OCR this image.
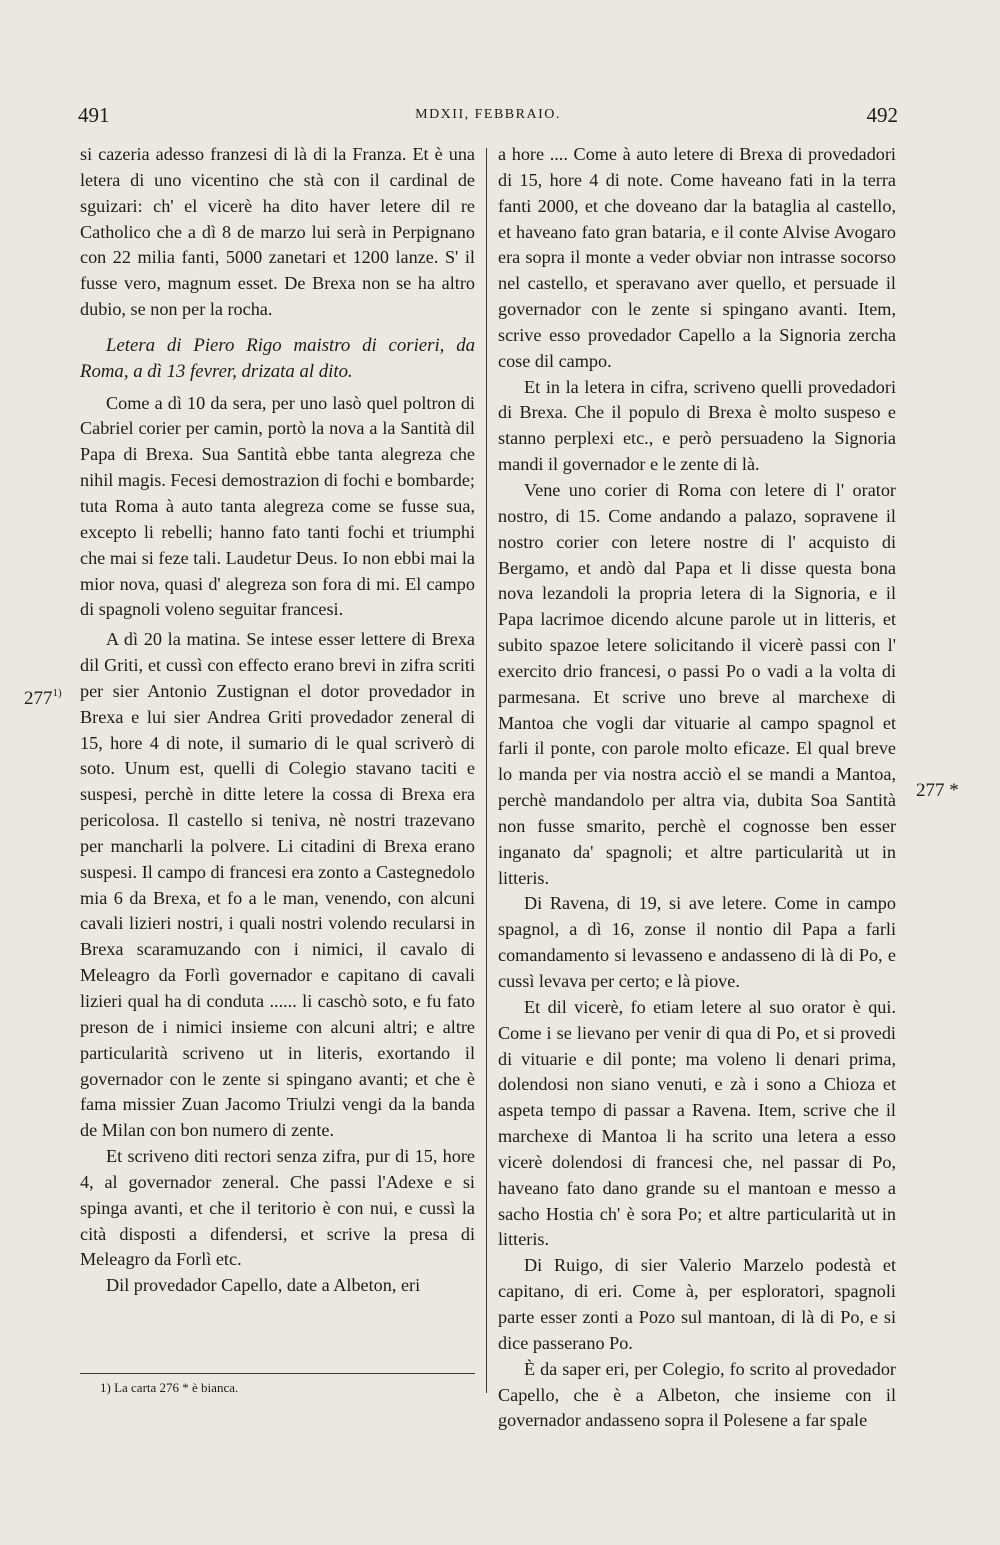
491	MDXII, FEBBRAIO.	492

si cazeria adesso franzesi di là di la Franza. Et è una letera di uno vicentino che stà con il cardinal de sguizari: ch' el vicerè ha dito haver letere dil re Catholico che a dì 8 de marzo lui serà in Perpignano con 22 milia fanti, 5000 zanetari et 1200 lanze. S' il fusse vero, magnum esset. De Brexa non se ha altro dubio, se non per la rocha.

Letera di Piero Rigo maistro di corieri, da Roma, a dì 13 fevrer, drizata al dito.

Come a dì 10 da sera, per uno lasò quel poltron di Cabriel corier per camin, portò la nova a la Santità dil Papa di Brexa. Sua Santità ebbe tanta alegreza che nihil magis. Fecesi demostrazion di fochi e bombarde; tuta Roma à auto tanta alegreza come se fusse sua, excepto li rebelli; hanno fato tanti fochi et triumphi che mai si feze tali. Laudetur Deus. Io non ebbi mai la mior nova, quasi d' alegreza son fora di mi. El campo di spagnoli voleno seguitar francesi.

A dì 20 la matina. Se intese esser lettere di Brexa dil Griti, et cussì con effecto erano brevi in zifra scriti per sier Antonio Zustignan el dotor provedador in Brexa e lui sier Andrea Griti provedador zeneral di 15, hore 4 di note, il sumario di le qual scriverò di soto. Unum est, quelli di Colegio stavano taciti e suspesi, perchè in ditte letere la cossa di Brexa era pericolosa. Il castello si teniva, nè nostri trazevano per mancharli la polvere. Li citadini di Brexa erano suspesi. Il campo di francesi era zonto a Castegnedolo mia 6 da Brexa, et fo a le man, venendo, con alcuni cavali lizieri nostri, i quali nostri volendo recularsi in Brexa scaramuzando con i nimici, il cavalo di Meleagro da Forlì governador e capitano di cavali lizieri qual ha di conduta ...... li caschò soto, e fu fato preson de i nimici insieme con alcuni altri; e altre particularità scriveno ut in literis, exortando il governador con le zente si spingano avanti; et che è fama missier Zuan Jacomo Triulzi vengi da la banda de Milan con bon numero di zente.

Et scriveno diti rectori senza zifra, pur di 15, hore 4, al governador zeneral. Che passi l'Adexe e si spinga avanti, et che il teritorio è con nui, e cussì la cità disposti a difendersi, et scrive la presa di Meleagro da Forlì etc.

Dil provedador Capello, date a Albeton, eri

a hore .... Come à auto letere di Brexa di provedadori di 15, hore 4 di note. Come haveano fati in la terra fanti 2000, et che doveano dar la bataglia al castello, et haveano fato gran bataria, e il conte Alvise Avogaro era sopra il monte a veder obviar non intrasse socorso nel castello, et speravano aver quello, et persuade il governador con le zente si spingano avanti. Item, scrive esso provedador Capello a la Signoria zercha cose dil campo.

Et in la letera in cifra, scriveno quelli provedadori di Brexa. Che il populo di Brexa è molto suspeso e stanno perplexi etc., e però persuadeno la Signoria mandi il governador e le zente di là.

Vene uno corier di Roma con letere di l' orator nostro, di 15. Come andando a palazo, sopravene il nostro corier con letere nostre di l' acquisto di Bergamo, et andò dal Papa et li disse questa bona nova lezandoli la propria letera di la Signoria, e il Papa lacrimoe dicendo alcune parole ut in litteris, et subito spazoe letere solicitando il vicerè passi con l' exercito drio francesi, o passi Po o vadi a la volta di parmesana. Et scrive uno breve al marchexe di Mantoa che vogli dar vituarie al campo spagnol et farli il ponte, con parole molto eficaze. El qual breve lo manda per via nostra acciò el se mandi a Mantoa, perchè mandandolo per altra via, dubita Soa Santità non fusse smarito, perchè el cognosse ben esser inganato da' spagnoli; et altre particularità ut in litteris.

Di Ravena, di 19, si ave letere. Come in campo spagnol, a dì 16, zonse il nontio dil Papa a farli comandamento si levasseno e andasseno di là di Po, e cussì levava per certo; e là piove.

Et dil vicerè, fo etiam letere al suo orator è qui. Come i se lievano per venir di qua di Po, et si provedi di vituarie e dil ponte; ma voleno li denari prima, dolendosi non siano venuti, e zà i sono a Chioza et aspeta tempo di passar a Ravena. Item, scrive che il marchexe di Mantoa li ha scrito una letera a esso vicerè dolendosi di francesi che, nel passar di Po, haveano fato dano grande su el mantoan e messo a sacho Hostia ch' è sora Po; et altre particularità ut in litteris.

Di Ruigo, di sier Valerio Marzelo podestà et capitano, di eri. Come à, per esploratori, spagnoli parte esser zonti a Pozo sul mantoan, di là di Po, e si dice passerano Po.

È da saper eri, per Colegio, fo scrito al provedador Capello, che è a Albeton, che insieme con il governador andasseno sopra il Polesene a far spale

277$^{1)}$
277 *
1) La carta 276 * è bianca.
